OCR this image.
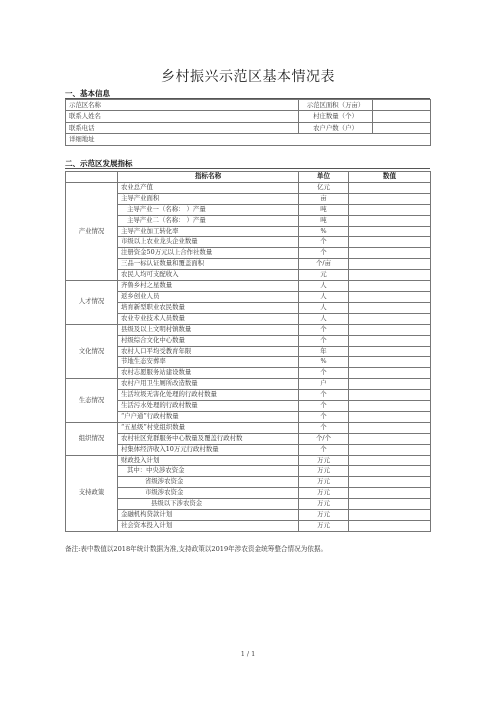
乡村振兴示范区基本情况表
一、基本信息
示范区名称	示范区面积（万亩）	
联系人姓名	村庄数量（个）	
联系电话	农户户数（户）	
详细地址		
二、示范区发展指标
	指标名称	单位	数值
产业情况	农业总产值	亿元	
	主导产业面积	亩	
	主导产业一（名称： ）产量	吨	
	主导产业二（名称： ）产量	吨	
	主导产业加工转化率	%	
	市级以上农业龙头企业数量	个	
	注册资金50万元以上合作社数量	个	
	三品一标认证数量和覆盖面积	个/亩	
	农民人均可支配收入	元	
人才情况	齐鲁乡村之星数量	人	
	返乡创业人员	人	
	培育新型职业农民数量	人	
	农业专业技术人员数量	人	
文化情况	县级及以上文明村镇数量	个	
	村级综合文化中心数量	个	
	农村人口平均受教育年限	年	
	节地生态安葬率	%	
	农村志愿服务站建设数量	个	
生态情况	农村户用卫生厕所改造数量	户	
	生活垃圾无害化处理的行政村数量	个	
	生活污水处理的行政村数量	个	
	“户户通”行政村数量	个	
组织情况	“五星级”村党组织数量	个	
	农村社区党群服务中心数量及覆盖行政村数	个/个	
	村集体经济收入10万元行政村数量	个	
支持政策	财政投入计划	万元	
	其中：中央涉农资金	万元	
	省级涉农资金	万元	
	市级涉农资金	万元	
	县级以下涉农资金	万元	
	金融机构贷款计划	万元	
	社会资本投入计划	万元	
备注:表中数值以2018年统计数据为准,支持政策以2019年涉农资金统筹整合情况为依据。
1 / 1
